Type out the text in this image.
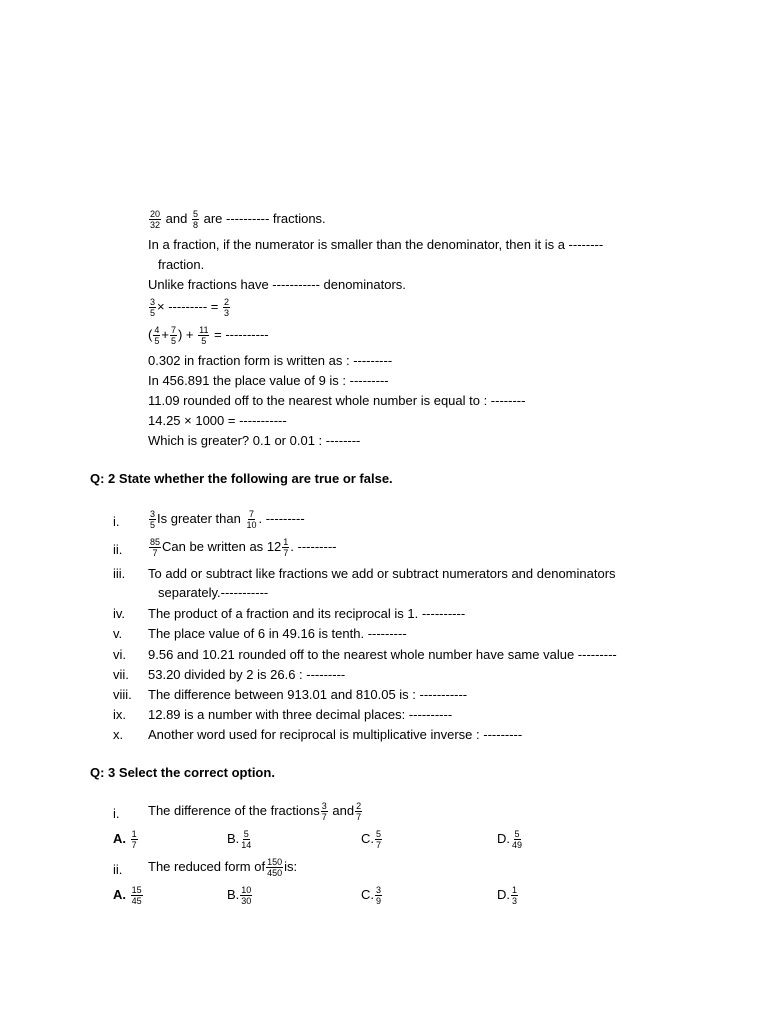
$\frac{20}{32}$ and $\frac{5}{8}$ are ---------- fractions.
In a fraction, if the numerator is smaller than the denominator, then it is a --------
fraction.
Unlike fractions have ----------- denominators.
$\frac{3}{5}$ × --------- = $\frac{2}{3}$
( $\frac{4}{5} + \frac{7}{5}$ ) + $\frac{11}{5}$ = ----------
0.302 in fraction form is written as : ---------
In 456.891 the place value of 9 is : ---------
11.09 rounded off to the nearest whole number is equal to : --------
14.25 × 1000 = -----------
Which is greater? 0.1 or 0.01 : --------
Q: 2 State whether the following are true or false.
i.	$\frac{3}{5}$ Is greater than $\frac{7}{10}$ . ---------
ii.	$\frac{85}{7}$ Can be written as $12 \frac{1}{7}$ . ---------
iii. To add or subtract like fractions we add or subtract numerators and denominators
separately.-----------
iv. The product of a fraction and its reciprocal is 1. ----------
v. The place value of 6 in 49.16 is tenth. ---------
vi. 9.56 and 10.21 rounded off to the nearest whole number have same value ---------
vii. 53.20 divided by 2 is 26.6 : ---------
viii. The difference between 913.01 and 810.05 is : -----------
ix. 12.89 is a number with three decimal places: ----------
x. Another word used for reciprocal is multiplicative inverse : ---------
Q: 3 Select the correct option.
i. The difference of the fractions $\frac{3}{7}$ and $\frac{2}{7}$
A. $\frac{1}{7}$	B. $\frac{5}{14}$	C. $\frac{5}{7}$	D. $\frac{5}{49}$
ii. The reduced form of $\frac{150}{450}$ is:
A. $\frac{15}{45}$	B. $\frac{10}{30}$	C. $\frac{3}{9}$	D. $\frac{1}{3}$
